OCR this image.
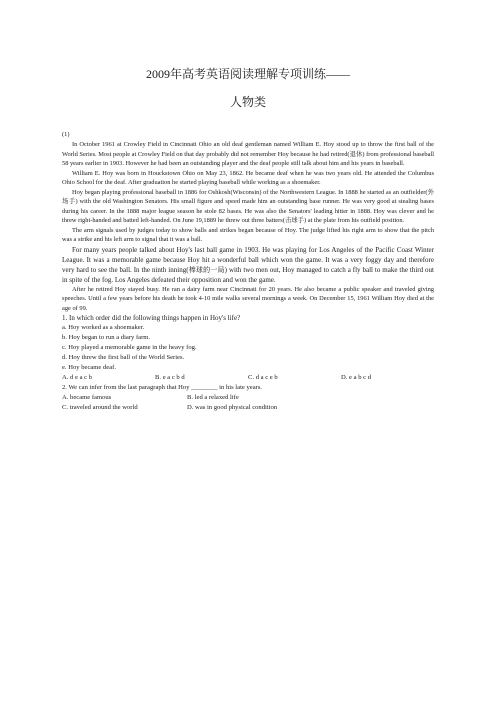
2009年高考英语阅读理解专项训练——

人物类

(1)

In October 1961 at Crowley Field in Cincinnati Ohio an old deaf gentleman named William E. Hoy stood up to throw the first ball of the World Series. Most people at Crowley Field on that day probably did not remember Hoy because he had retired(退休) from professional baseball 58 years earlier in 1903. However he had been an outstanding player and the deaf people still talk about him and his years in baseball.

William E. Hoy was born in Houckstown Ohio on May 23, 1862. He became deaf when he was two years old. He attended the Columbus Ohio School for the deaf. After graduation he started playing baseball while working as a shoemaker.

Hoy began playing professional baseball in 1886 for Oshkosh(Wisconsin) of the Northwestern League. In 1888 he started as an outfielder(外场手) with the old Washington Senators. His small figure and speed made him an outstanding base runner. He was very good at stealing bases during his career. In the 1888 major league season he stole 82 bases. He was also the Senators' leading hitter in 1888. Hoy was clever and he threw right-handed and batted left-handed. On June 19,1889 he threw out three batters(击球手) at the plate from his outfield position.

The arm signals used by judges today to show balls and strikes began because of Hoy. The judge lifted his right arm to show that the pitch was a strike and his left arm to signal that it was a ball.

For many years people talked about Hoy's last ball game in 1903. He was playing for Los Angeles of the Pacific Coast Winter League. It was a memorable game because Hoy hit a wonderful ball which won the game. It was a very foggy day and therefore very hard to see the ball. In the ninth inning(棒球的一局) with two men out, Hoy managed to catch a fly ball to make the third out in spite of the fog. Los Angeles defeated their opposition and won the game.

After he retired Hoy stayed busy. He ran a dairy farm near Cincinnati for 20 years. He also became a public speaker and traveled giving speeches. Until a few years before his death he took 4-10 mile walks several mornings a week. On December 15, 1961 William Hoy died at the age of 99.

1. In which order did the following things happen in Hoy's life?

a. Hoy worked as a shoemaker.

b. Hoy began to run a diary farm.

c. Hoy played a memorable game in the heavy fog.

d. Hoy threw the first ball of the World Series.

e. Hoy became deaf.

A. d e a c b	B. e a c b d	C. d a c e b	D. e a b c d

2. We can infer from the last paragraph that Hoy ________ in his late years.

A. became famous	B. led a relaxed life
C. traveled around the world	D. was in good physical condition
